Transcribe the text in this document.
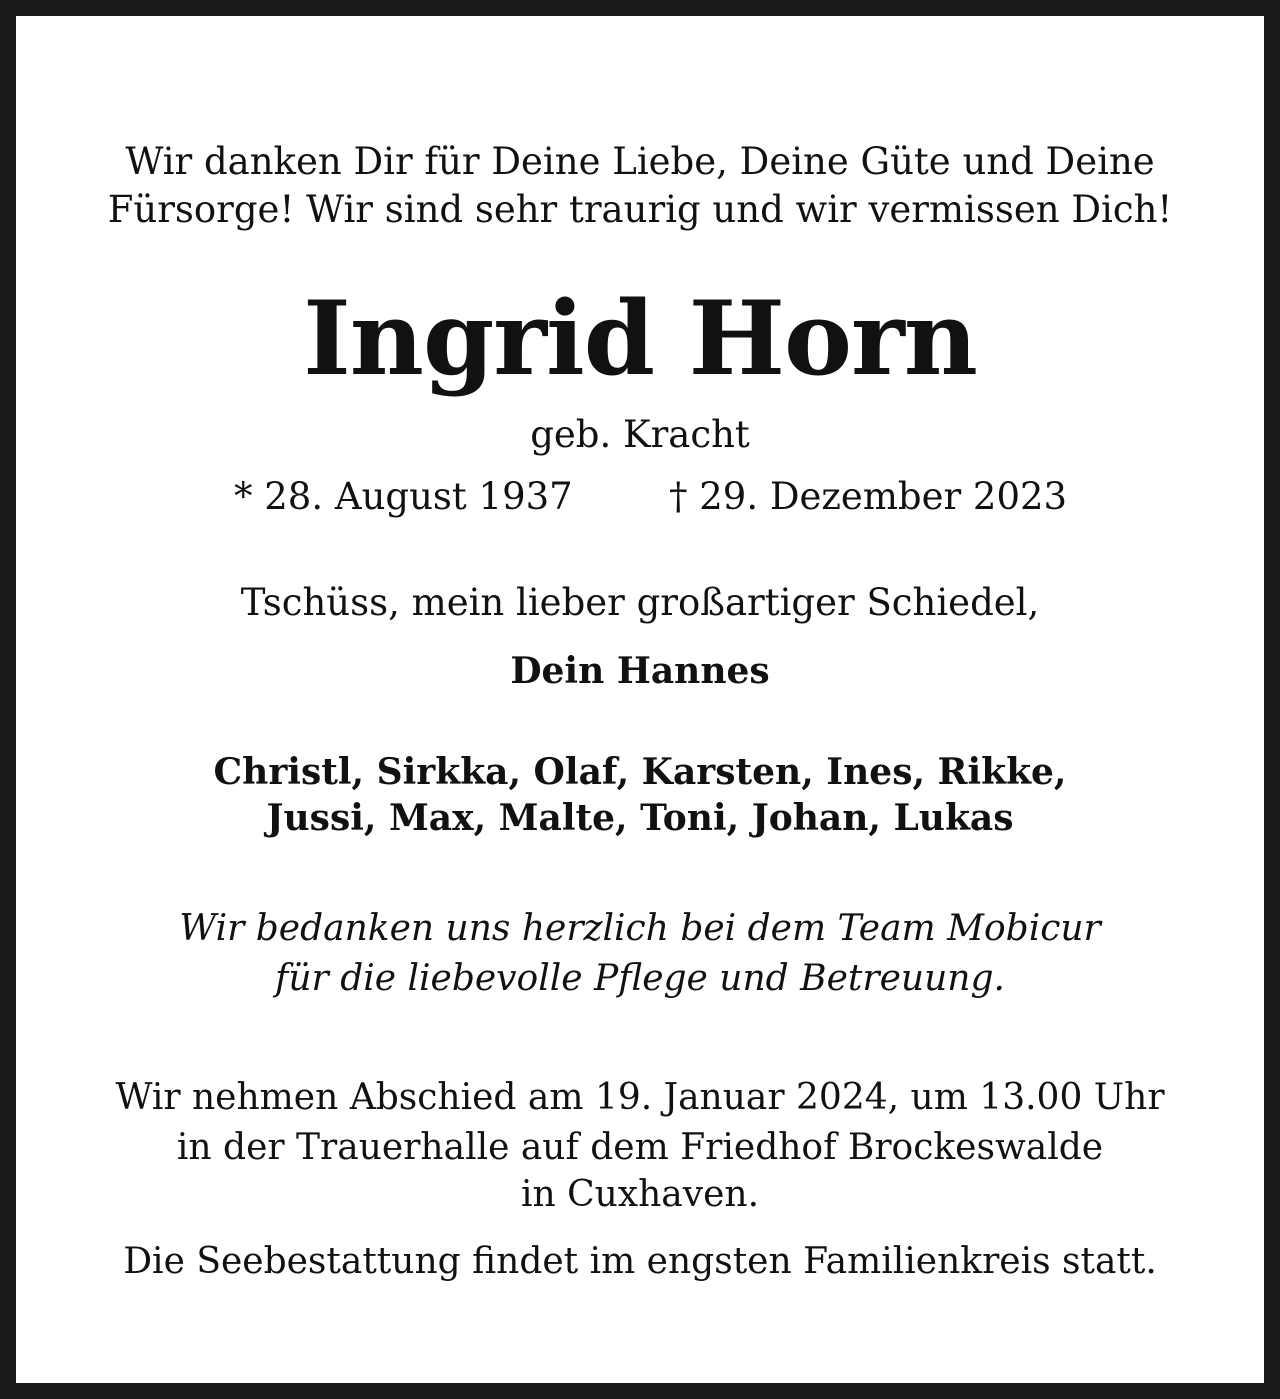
Wir danken Dir für Deine Liebe, Deine Güte und Deine
Fürsorge! Wir sind sehr traurig und wir vermissen Dich!
Ingrid Horn
geb. Kracht
* 28. August 1937	† 29. Dezember 2023
Tschüss, mein lieber großartiger Schiedel,
Dein Hannes
Christl, Sirkka, Olaf, Karsten, Ines, Rikke,
Jussi, Max, Malte, Toni, Johan, Lukas
Wir bedanken uns herzlich bei dem Team Mobicur
für die liebevolle Pflege und Betreuung.
Wir nehmen Abschied am 19. Januar 2024, um 13.00 Uhr
in der Trauerhalle auf dem Friedhof Brockeswalde
in Cuxhaven.
Die Seebestattung findet im engsten Familienkreis statt.
